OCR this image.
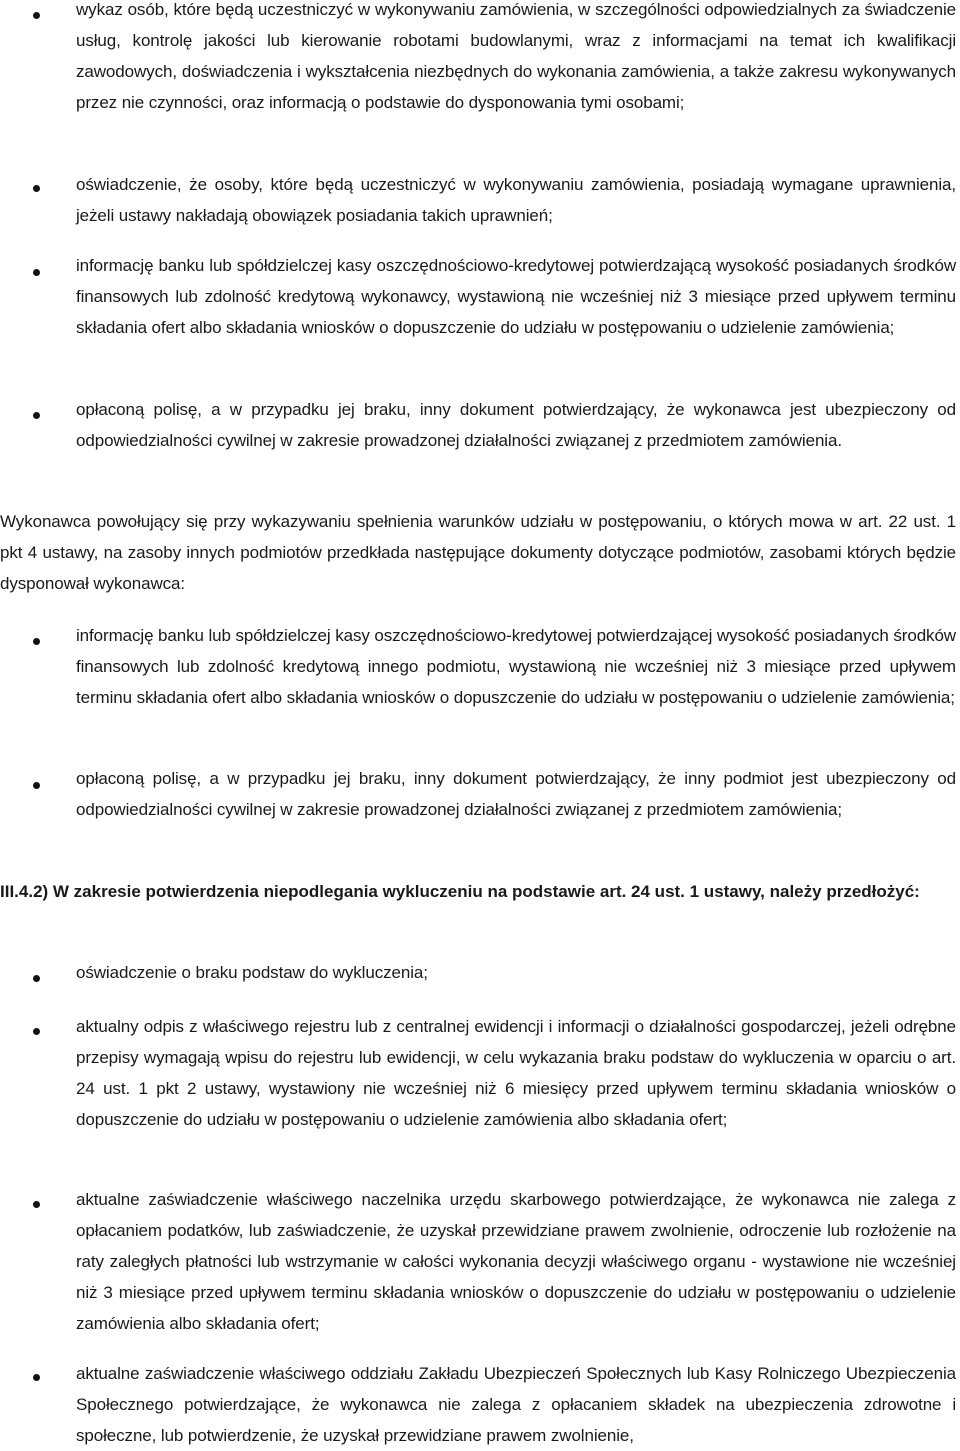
wykaz osób, które będą uczestniczyć w wykonywaniu zamówienia, w szczególności odpowiedzialnych za świadczenie usług, kontrolę jakości lub kierowanie robotami budowlanymi, wraz z informacjami na temat ich kwalifikacji zawodowych, doświadczenia i wykształcenia niezbędnych do wykonania zamówienia, a także zakresu wykonywanych przez nie czynności, oraz informacją o podstawie do dysponowania tymi osobami;
oświadczenie, że osoby, które będą uczestniczyć w wykonywaniu zamówienia, posiadają wymagane uprawnienia, jeżeli ustawy nakładają obowiązek posiadania takich uprawnień;
informację banku lub spółdzielczej kasy oszczędnościowo-kredytowej potwierdzającą wysokość posiadanych środków finansowych lub zdolność kredytową wykonawcy, wystawioną nie wcześniej niż 3 miesiące przed upływem terminu składania ofert albo składania wniosków o dopuszczenie do udziału w postępowaniu o udzielenie zamówienia;
opłaconą polisę, a w przypadku jej braku, inny dokument potwierdzający, że wykonawca jest ubezpieczony od odpowiedzialności cywilnej w zakresie prowadzonej działalności związanej z przedmiotem zamówienia.
Wykonawca powołujący się przy wykazywaniu spełnienia warunków udziału w postępowaniu, o których mowa w art. 22 ust. 1 pkt 4 ustawy, na zasoby innych podmiotów przedkłada następujące dokumenty dotyczące podmiotów, zasobami których będzie dysponował wykonawca:
informację banku lub spółdzielczej kasy oszczędnościowo-kredytowej potwierdzającej wysokość posiadanych środków finansowych lub zdolność kredytową innego podmiotu, wystawioną nie wcześniej niż 3 miesiące przed upływem terminu składania ofert albo składania wniosków o dopuszczenie do udziału w postępowaniu o udzielenie zamówienia;
opłaconą polisę, a w przypadku jej braku, inny dokument potwierdzający, że inny podmiot jest ubezpieczony od odpowiedzialności cywilnej w zakresie prowadzonej działalności związanej z przedmiotem zamówienia;
III.4.2) W zakresie potwierdzenia niepodlegania wykluczeniu na podstawie art. 24 ust. 1 ustawy, należy przedłożyć:
oświadczenie o braku podstaw do wykluczenia;
aktualny odpis z właściwego rejestru lub z centralnej ewidencji i informacji o działalności gospodarczej, jeżeli odrębne przepisy wymagają wpisu do rejestru lub ewidencji, w celu wykazania braku podstaw do wykluczenia w oparciu o art. 24 ust. 1 pkt 2 ustawy, wystawiony nie wcześniej niż 6 miesięcy przed upływem terminu składania wniosków o dopuszczenie do udziału w postępowaniu o udzielenie zamówienia albo składania ofert;
aktualne zaświadczenie właściwego naczelnika urzędu skarbowego potwierdzające, że wykonawca nie zalega z opłacaniem podatków, lub zaświadczenie, że uzyskał przewidziane prawem zwolnienie, odroczenie lub rozłożenie na raty zaległych płatności lub wstrzymanie w całości wykonania decyzji właściwego organu - wystawione nie wcześniej niż 3 miesiące przed upływem terminu składania wniosków o dopuszczenie do udziału w postępowaniu o udzielenie zamówienia albo składania ofert;
aktualne zaświadczenie właściwego oddziału Zakładu Ubezpieczeń Społecznych lub Kasy Rolniczego Ubezpieczenia Społecznego potwierdzające, że wykonawca nie zalega z opłacaniem składek na ubezpieczenia zdrowotne i społeczne, lub potwierdzenie, że uzyskał przewidziane prawem zwolnienie,
